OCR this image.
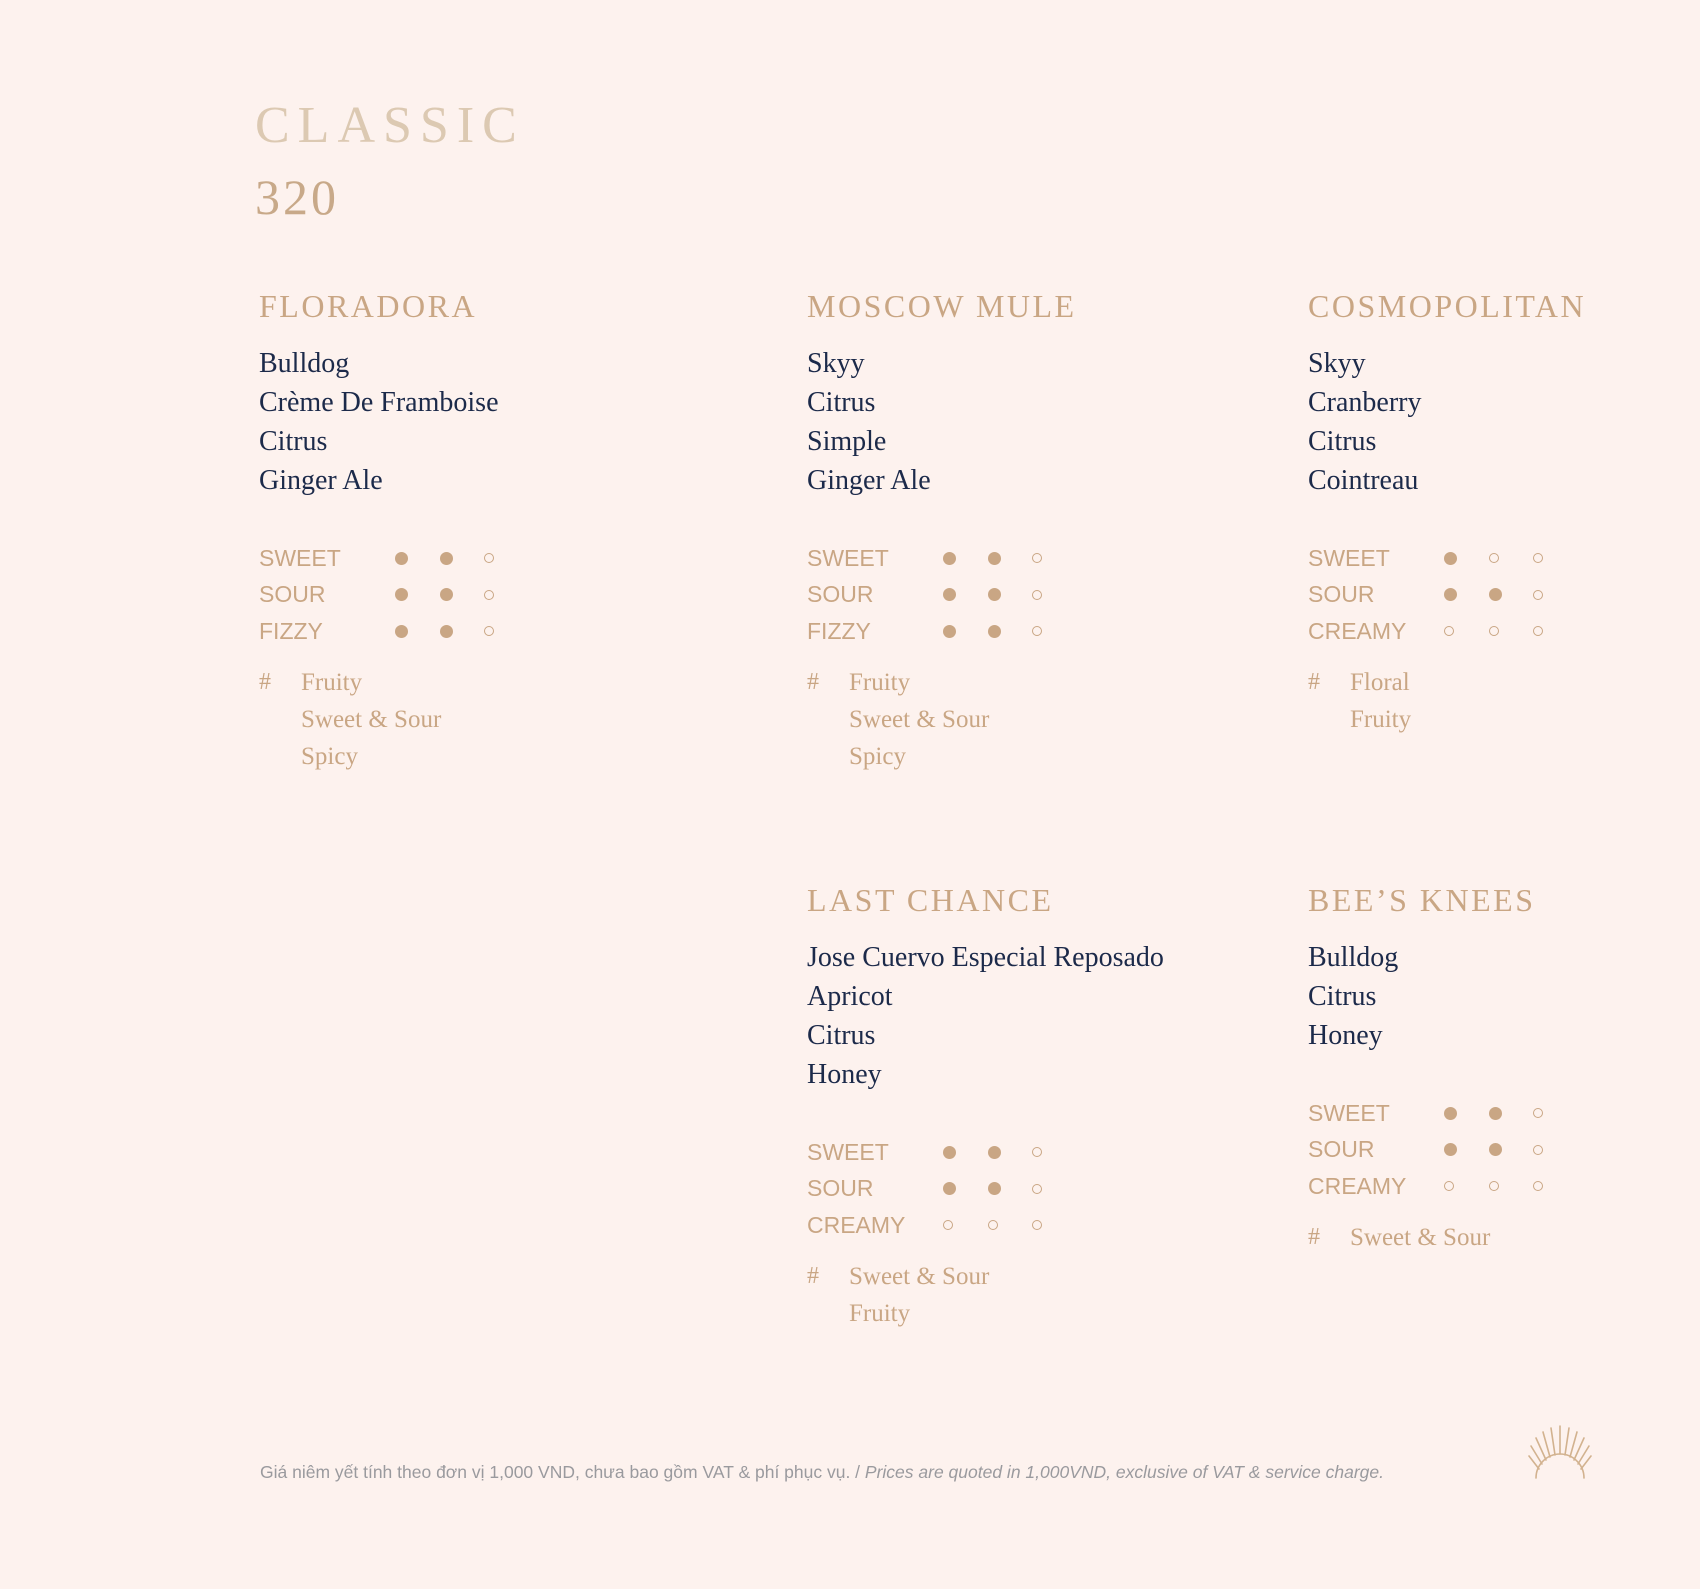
CLASSIC
320
FLORADORA
Bulldog
Crème De Framboise
Citrus
Ginger Ale
SWEET
SOUR
FIZZY
#	Fruity
Sweet & Sour
Spicy
MOSCOW MULE
Skyy
Citrus
Simple
Ginger Ale
SWEET
SOUR
FIZZY
#	Fruity
Sweet & Sour
Spicy
COSMOPOLITAN
Skyy
Cranberry
Citrus
Cointreau
SWEET
SOUR
CREAMY
#	Floral
Fruity
LAST CHANCE
Jose Cuervo Especial Reposado
Apricot
Citrus
Honey
SWEET
SOUR
CREAMY
#	Sweet & Sour
Fruity
BEE’S KNEES
Bulldog
Citrus
Honey
SWEET
SOUR
CREAMY
#	Sweet & Sour
Giá niêm yết tính theo đơn vị 1,000 VND, chưa bao gồm VAT & phí phục vụ. / Prices are quoted in 1,000VND, exclusive of VAT & service charge.
